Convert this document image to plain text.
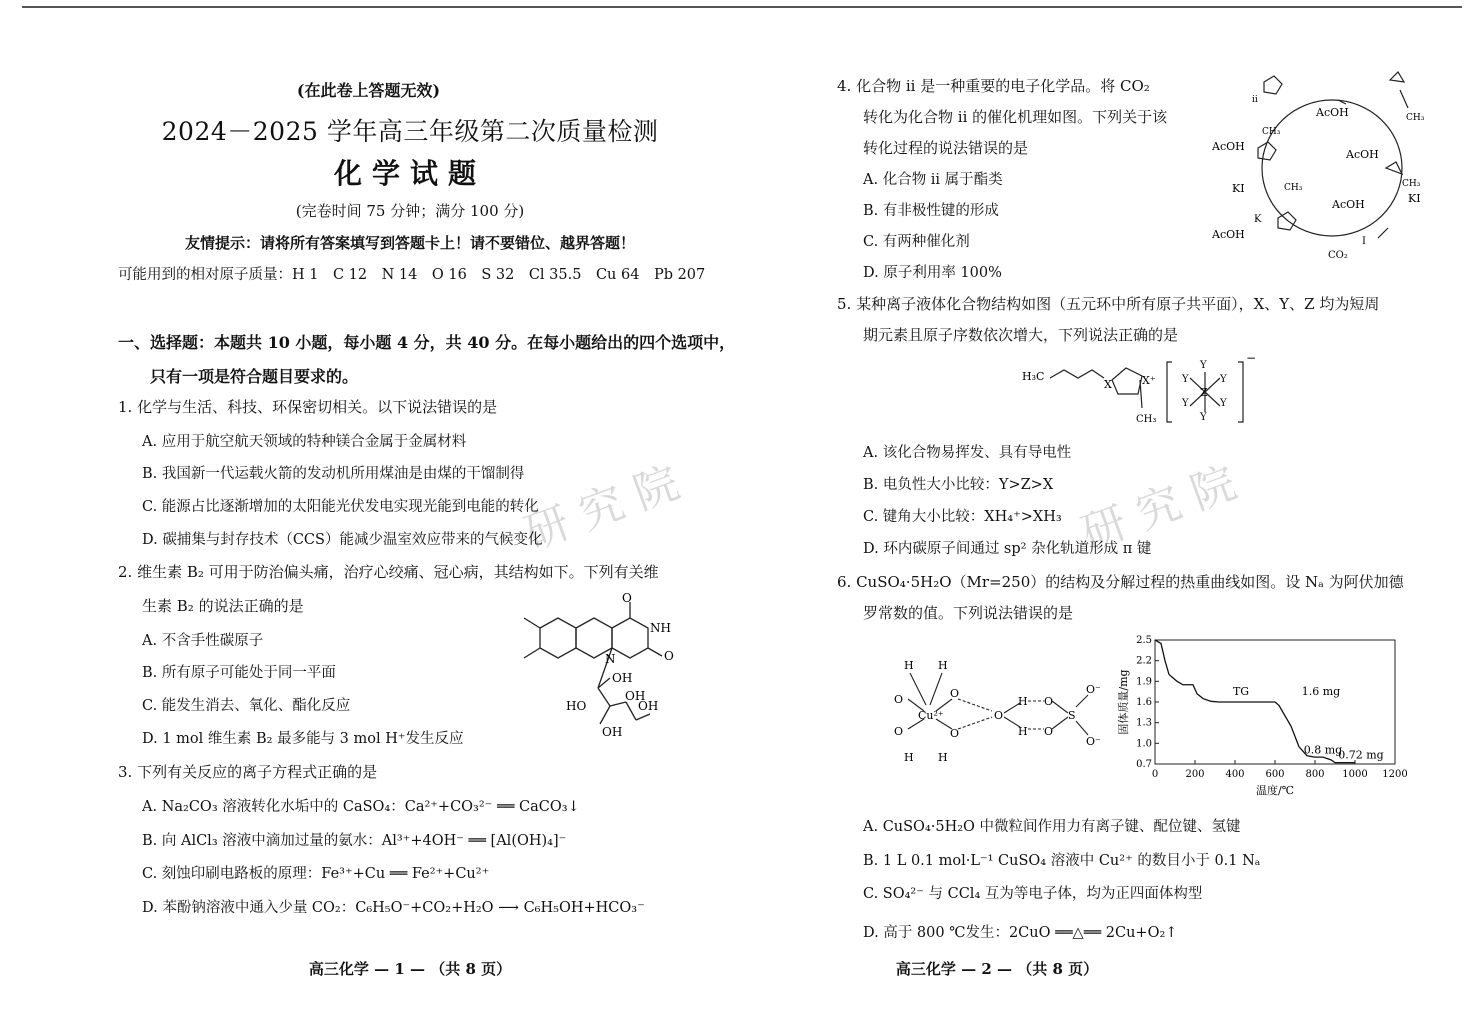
研究院
(在此卷上答题无效)
2024－2025 学年高三年级第二次质量检测
化学试题
(完卷时间 75 分钟；满分 100 分)
友情提示：请将所有答案填写到答题卡上！请不要错位、越界答题！
可能用到的相对原子质量：H 1　C 12　N 14　O 16　S 32　Cl 35.5　Cu 64　Pb 207
一、选择题：本题共 10 小题，每小题 4 分，共 40 分。在每小题给出的四个选项中，
只有一项是符合题目要求的。
1. 化学与生活、科技、环保密切相关。以下说法错误的是
A. 应用于航空航天领域的特种镁合金属于金属材料
B. 我国新一代运载火箭的发动机所用煤油是由煤的干馏制得
C. 能源占比逐渐增加的太阳能光伏发电实现光能到电能的转化
D. 碳捕集与封存技术（CCS）能减少温室效应带来的气候变化
2. 维生素 B₂ 可用于防治偏头痛，治疗心绞痛、冠心病，其结构如下。下列有关维
生素 B₂ 的说法正确的是
A. 不含手性碳原子
B. 所有原子可能处于同一平面
C. 能发生消去、氧化、酯化反应
D. 1 mol 维生素 B₂ 最多能与 3 mol H⁺发生反应
O
NH
O
N
OH
OH
OH
HO
OH
3. 下列有关反应的离子方程式正确的是
A. Na₂CO₃ 溶液转化水垢中的 CaSO₄：Ca²⁺+CO₃²⁻ ══ CaCO₃↓
B. 向 AlCl₃ 溶液中滴加过量的氨水：Al³⁺+4OH⁻ ══ [Al(OH)₄]⁻
C. 刻蚀印刷电路板的原理：Fe³⁺+Cu ══ Fe²⁺+Cu²⁺
D. 苯酚钠溶液中通入少量 CO₂：C₆H₅O⁻+CO₂+H₂O ⟶ C₆H₅OH+HCO₃⁻
高三化学 — 1 — （共 8 页）
研究院
4. 化合物 ii 是一种重要的电子化学品。将 CO₂
转化为化合物 ii 的催化机理如图。下列关于该
转化过程的说法错误的是
A. 化合物 ii 属于酯类
B. 有非极性键的形成
C. 有两种催化剂
D. 原子利用率 100%
ii
AcOH
AcOH
AcOH
AcOH
AcOH
KI
KI
CH₃
CH₃
CH₃
CH₃
CO₂
K
I
5. 某种离子液体化合物结构如图（五元环中所有原子共平面），X、Y、Z 均为短周
期元素且原子序数依次增大，下列说法正确的是
H₃C
X	X⁺
CH₃
Z
Y
Y	Y
Y	Y
Y
−
A. 该化合物易挥发、具有导电性
B. 电负性大小比较：Y>Z>X
C. 键角大小比较：XH₄⁺>XH₃
D. 环内碳原子间通过 sp² 杂化轨道形成 π 键
6. CuSO₄·5H₂O（Mr=250）的结构及分解过程的热重曲线如图。设 Nₐ 为阿伏加德
罗常数的值。下列说法错误的是
Cu²⁺
H H
O	O
O	O
H H
O
H
H
O
O
S
O⁻
O⁻
0	200 400 600 800 1000 1200
0.7
1.0
1.3
1.6
1.9
2.2
2.5
TG	1.6 mg
0.8 mg
0.72 mg
温度/℃
固体质量/mg
A. CuSO₄·5H₂O 中微粒间作用力有离子键、配位键、氢键
B. 1 L 0.1 mol·L⁻¹ CuSO₄ 溶液中 Cu²⁺ 的数目小于 0.1 Nₐ
C. SO₄²⁻ 与 CCl₄ 互为等电子体，均为正四面体构型
D. 高于 800 ℃发生：2CuO ══△══ 2Cu+O₂↑
高三化学 — 2 — （共 8 页）
